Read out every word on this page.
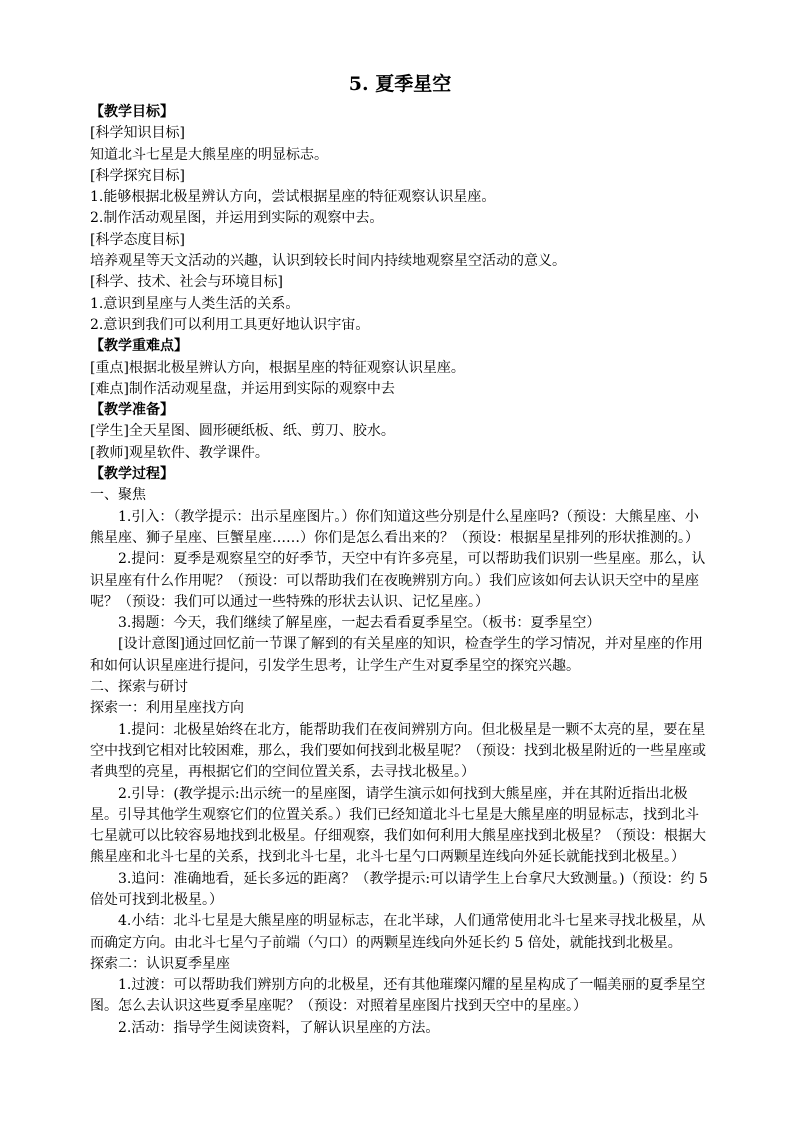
5. 夏季星空

【教学目标】

[科学知识目标]

知道北斗七星是大熊星座的明显标志。

[科学探究目标]

1.能够根据北极星辨认方向，尝试根据星座的特征观察认识星座。

2.制作活动观星图，并运用到实际的观察中去。

[科学态度目标]

培养观星等天文活动的兴趣，认识到较长时间内持续地观察星空活动的意义。

[科学、技术、社会与环境目标]

1.意识到星座与人类生活的关系。

2.意识到我们可以利用工具更好地认识宇宙。

【教学重难点】

[重点]根据北极星辨认方向，根据星座的特征观察认识星座。

[难点]制作活动观星盘，并运用到实际的观察中去

【教学准备】

[学生]全天星图、圆形硬纸板、纸、剪刀、胶水。

[教师]观星软件、教学课件。

【教学过程】

一、聚焦

1.引入：（教学提示：出示星座图片。）你们知道这些分别是什么星座吗?（预设：大熊星座、小熊星座、狮子星座、巨蟹星座……）你们是怎么看出来的？（预设：根据星星排列的形状推测的。）

2.提问：夏季是观察星空的好季节，天空中有许多亮星，可以帮助我们识别一些星座。那么，认识星座有什么作用呢？（预设：可以帮助我们在夜晚辨别方向。）我们应该如何去认识天空中的星座呢？（预设：我们可以通过一些特殊的形状去认识、记忆星座。）

3.揭题：今天，我们继续了解星座，一起去看看夏季星空。（板书：夏季星空）

[设计意图]通过回忆前一节课了解到的有关星座的知识，检查学生的学习情况，并对星座的作用和如何认识星座进行提问，引发学生思考，让学生产生对夏季星空的探究兴趣。

二、探索与研讨

探索一：利用星座找方向

1.提问：北极星始终在北方，能帮助我们在夜间辨别方向。但北极星是一颗不太亮的星，要在星空中找到它相对比较困难，那么，我们要如何找到北极星呢？（预设：找到北极星附近的一些星座或者典型的亮星，再根据它们的空间位置关系，去寻找北极星。）

2.引导：(教学提示:出示统一的星座图，请学生演示如何找到大熊星座，并在其附近指出北极星。引导其他学生观察它们的位置关系。）我们已经知道北斗七星是大熊星座的明显标志，找到北斗七星就可以比较容易地找到北极星。仔细观察，我们如何利用大熊星座找到北极星？（预设：根据大熊星座和北斗七星的关系，找到北斗七星，北斗七星勺口两颗星连线向外延长就能找到北极星。）

3.追问：准确地看，延长多远的距离？（教学提示:可以请学生上台拿尺大致测量。)（预设：约 5 倍处可找到北极星。）

4.小结：北斗七星是大熊星座的明显标志，在北半球，人们通常使用北斗七星来寻找北极星，从而确定方向。由北斗七星勺子前端（勺口）的两颗星连线向外延长约 5 倍处，就能找到北极星。

探索二：认识夏季星座

1.过渡：可以帮助我们辨别方向的北极星，还有其他璀璨闪耀的星星构成了一幅美丽的夏季星空图。怎么去认识这些夏季星座呢？（预设：对照着星座图片找到天空中的星座。）

2.活动：指导学生阅读资料，了解认识星座的方法。
